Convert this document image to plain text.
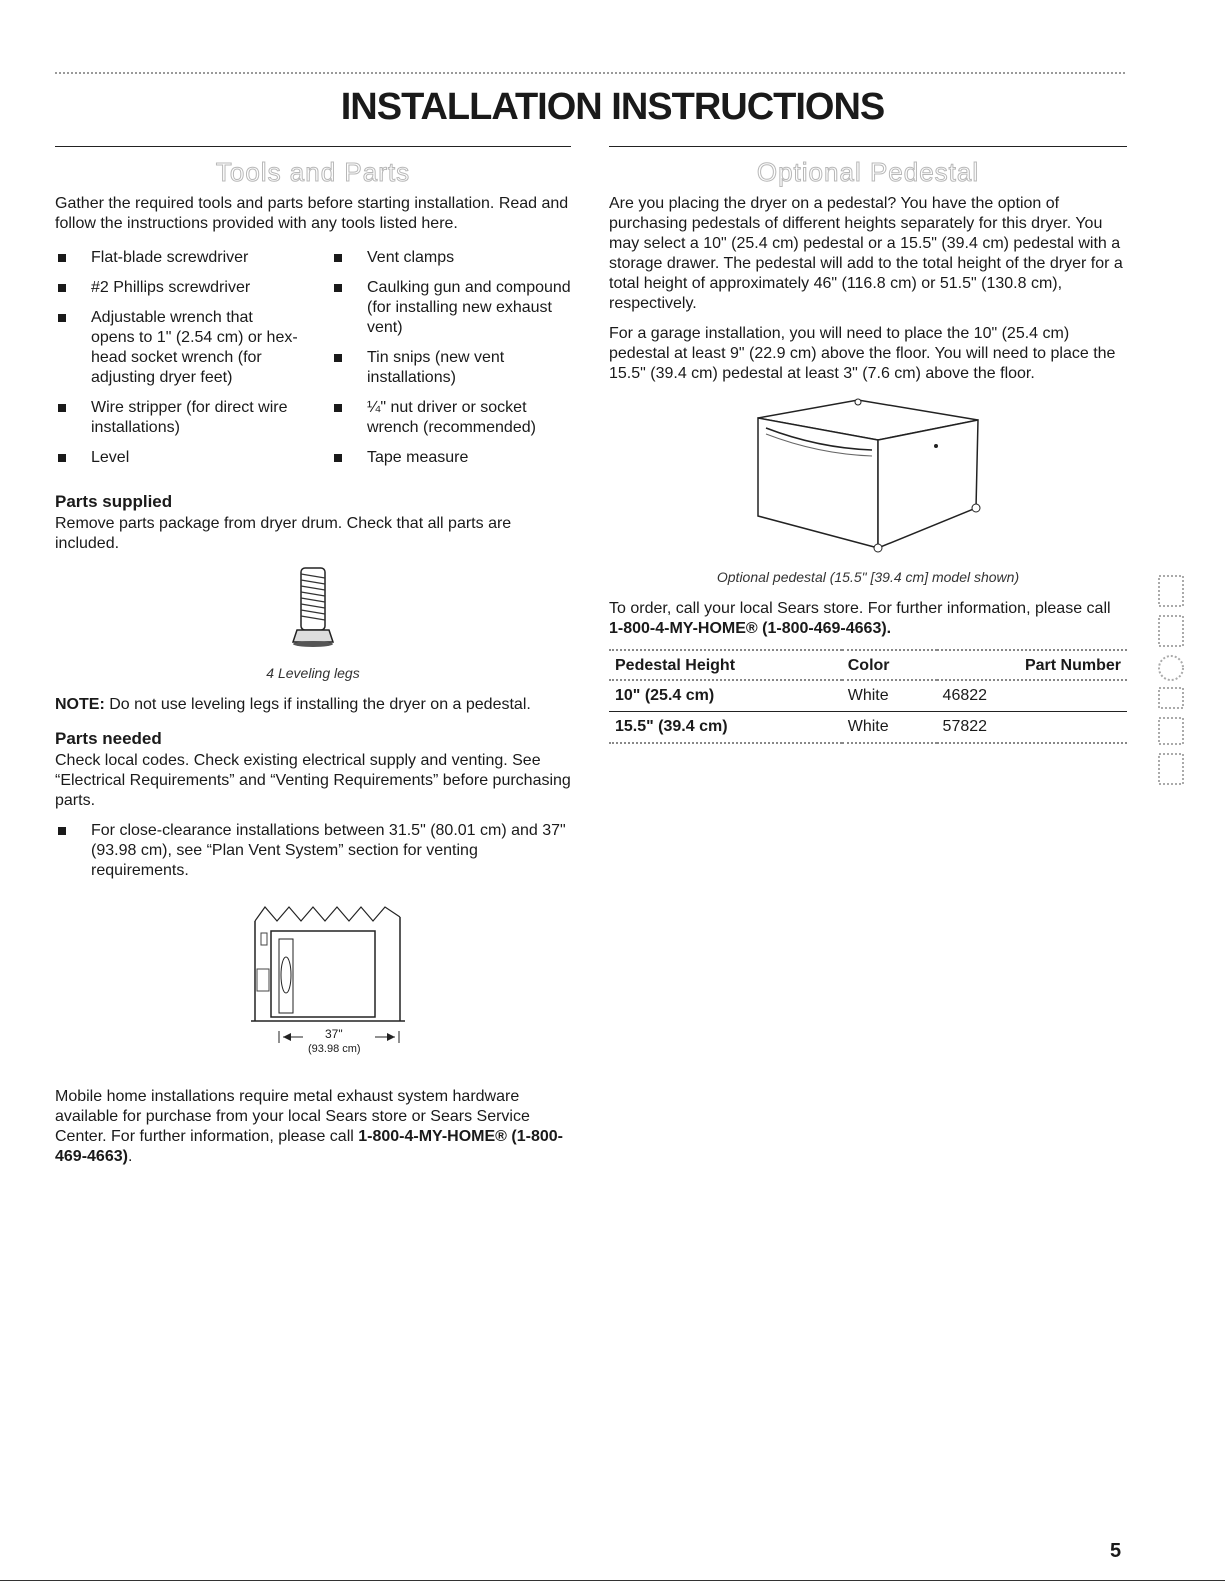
INSTALLATION INSTRUCTIONS
Tools and Parts

Gather the required tools and parts before starting installation. Read and follow the instructions provided with any tools listed here.

Flat-blade screwdriver
#2 Phillips screwdriver
Adjustable wrench that opens to 1" (2.54 cm) or hex-head socket wrench (for adjusting dryer feet)
Wire stripper (for direct wire installations)
Level
Vent clamps
Caulking gun and compound (for installing new exhaust vent)
Tin snips (new vent installations)
¼" nut driver or socket wrench (recommended)
Tape measure
Parts supplied

Remove parts package from dryer drum. Check that all parts are included.

4 Leveling legs

NOTE: Do not use leveling legs if installing the dryer on a pedestal.

Parts needed

Check local codes. Check existing electrical supply and venting. See “Electrical Requirements” and “Venting Requirements” before purchasing parts.

For close-clearance installations between 31.5" (80.01 cm) and 37" (93.98 cm), see “Plan Vent System” section for venting requirements.
37"
(93.98 cm)

Mobile home installations require metal exhaust system hardware available for purchase from your local Sears store or Sears Service Center. For further information, please call 1-800-4-MY-HOME® (1-800-469-4663).

Optional Pedestal

Are you placing the dryer on a pedestal? You have the option of purchasing pedestals of different heights separately for this dryer. You may select a 10" (25.4 cm) pedestal or a 15.5" (39.4 cm) pedestal with a storage drawer. The pedestal will add to the total height of the dryer for a total height of approximately 46" (116.8 cm) or 51.5" (130.8 cm), respectively.

For a garage installation, you will need to place the 10" (25.4 cm) pedestal at least 9" (22.9 cm) above the floor. You will need to place the 15.5" (39.4 cm) pedestal at least 3" (7.6 cm) above the floor.

Optional pedestal (15.5" [39.4 cm] model shown)

To order, call your local Sears store. For further information, please call 1-800-4-MY-HOME® (1-800-469-4663).

Pedestal Height	Color	Part Number
10" (25.4 cm)	White	46822
15.5" (39.4 cm)	White	57822
5
